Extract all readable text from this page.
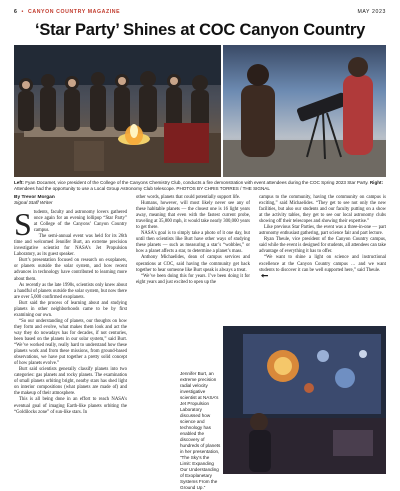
6 • CANYON COUNTRY MAGAZINE	MAY 2023
‘Star Party’ Shines at COC Canyon Country
Left: Fyan Docamet, vice president of the College of the Canyons Chemistry Club, conducts a fire demonstration with event attendees during the COC Spring 2023 Star Party. Right: Attendees had the opportunity to use a Local Group Astronomy Club telescope. PHOTOS BY CHRIS TORRES / THE SIGNAL
By Trevor Morgan
Signal Staff Writer
S tudents, faculty and astronomy lovers gathered once again for an evening lollipop “Star Party” at College of the Canyons’ Canyon Country campus.

The semi-annual event was held for its 26th time and welcomed Jennifer Burt, an extreme precision investigative scientist for NASA’s Jet Propulsion Laboratory, as its guest speaker.

Burt’s presentation focused on research on exoplanets, or planets outside the solar system, and how recent advances in technology have contributed to learning more about them.

As recently as the late 1990s, scientists only knew about a handful of planets outside the solar system, but now there are over 5,000 confirmed exoplanets.

Burt said the process of learning about and studying planets in other neighborhoods came to be by first examining our own.

“So our understanding of planets, our thoughts on how they form and evolve, what makes them look and act the way they do nowadays has for decades, if not centuries, been based on the planets in our solar system,” said Burt. “We’ve worked really, really hard to understand how these planets work and from these missions, from ground-based observations, we have put together a pretty solid concept of how planets evolve.”

Burt said scientists generally classify planets into two categories: gas planets and rocky planets. The examination of small planets orbiting bright, nearby stars has shed light on interior compositions (what planets are made of) and the makeup of their atmosphere.

This is all being done in an effort to reach NASA’s eventual goal of imaging Earth-like planets orbiting the “Goldilocks zone” of sun-like stars. In

other words, planets that could potentially support life.

Humans, however, will most likely never see any of these habitable planets — the closest one is 16 light years away, meaning that even with the fastest current probe, traveling at 35,800 mph, it would take nearly 300,000 years to get there.

NASA’s goal is to simply take a photo of it one day, but until then scientists like Burt have other ways of studying these planets — such as measuring a star’s “wobbles,” or how a planet affects a star, to determine a planet’s mass.

Anthony Michaelides, dean of campus services and operations at COC, said having the community get back together to hear someone like Burt speak is always a treat.

“We’ve been doing this for years. I’ve been doing it for eight years and just excited to open up the

campus to the community, having the community on campus is exciting,” said Michaelides. “They get to see not only the new facilities, but also our students and our faculty putting on a show at the activity tables, they get to see our local astronomy clubs showing off their telescopes and showing their expertise.”

Like previous Star Parties, the event was a three-in-one — part astronomy enthusiast gathering, part science fair and part lecture.

Ryan Theule, vice president of the Canyon Country campus, said while the event is designed for students, all attendees can take advantage of everything it has to offer.

“We want to shine a light on science and instructional excellence at the Canyon Country campus … and we want students to discover it can be well supported here,” said Theule.

Jennifer Burt, an extreme precision radial velocity investigative scientist at NASA’s Jet Propulsion Laboratory discussed how science and technology has enabled the discovery of hundreds of planets in her presentation, “The Sky’s the Limit: Expanding Our Understanding of Exoplanetary Systems From the Ground Up.”
